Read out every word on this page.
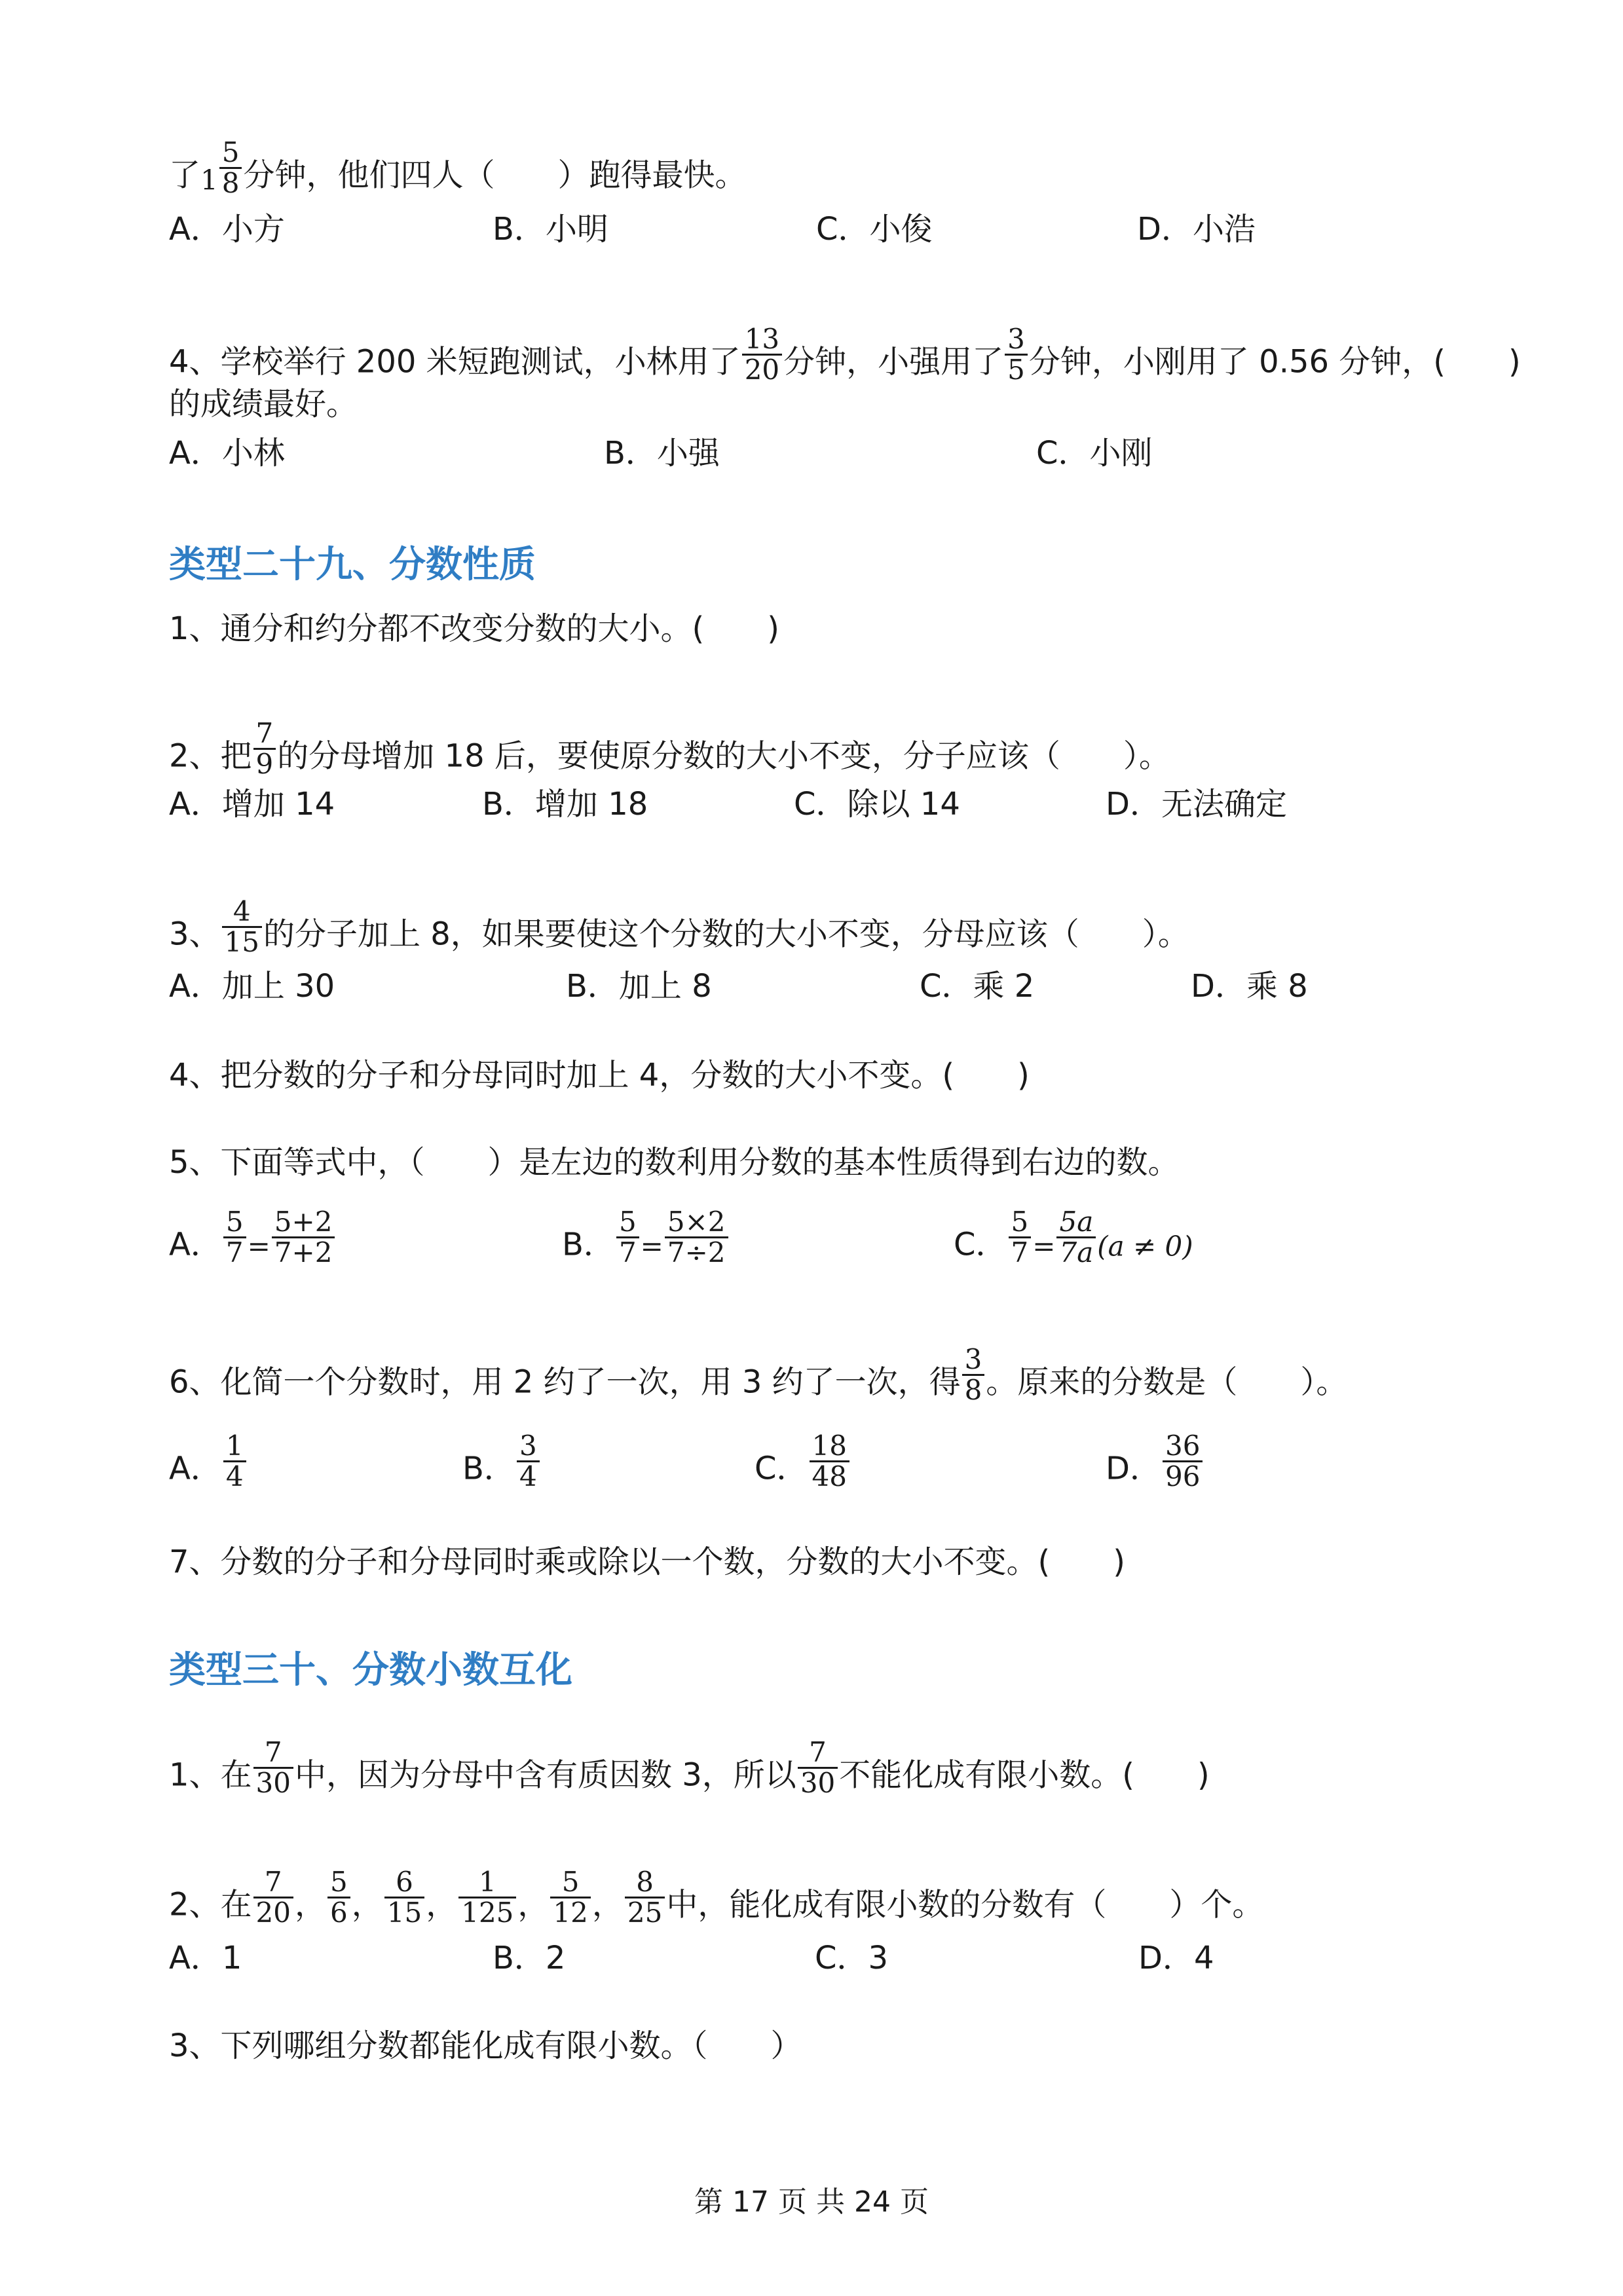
了$1 \frac{5}{8}$ 分钟，他们四人（　　）跑得最快。
A．小方	B．小明	C．小俊	D．小浩
4、学校举行 200 米短跑测试，小林用了 $\frac{13}{20}$ 分钟，小强用了 $\frac{3}{5}$ 分钟，小刚用了 0.56 分钟，(　　)
的成绩最好。
A．小林	B．小强	C．小刚
类型二十九、分数性质
1、通分和约分都不改变分数的大小。(　　)
2、把 $\frac{7}{9}$ 的分母增加 18 后，要使原分数的大小不变，分子应该（　　）。
A．增加 14	B．增加 18	C．除以 14	D．无法确定
3、 $\frac{4}{15}$ 的分子加上 8，如果要使这个分数的大小不变，分母应该（　　）。
A．加上 30	B．加上 8	C．乘 2	D．乘 8
4、把分数的分子和分母同时加上 4，分数的大小不变。(　　)
5、下面等式中，（　　）是左边的数利用分数的基本性质得到右边的数。
A． $\frac{5}{7} = \frac{5+2}{7+2}$	B． $\frac{5}{7} = \frac{5\times 2}{7\div 2}$	C． $\frac{5}{7} = \frac{5a}{7a} (a \ne 0)$
6、化简一个分数时，用 2 约了一次，用 3 约了一次，得 $\frac{3}{8}$ 。原来的分数是（　　）。
A． $\frac{1}{4}$	B． $\frac{3}{4}$	C． $\frac{18}{48}$	D． $\frac{36}{96}$
7、分数的分子和分母同时乘或除以一个数，分数的大小不变。(　　)
类型三十、分数小数互化
1、在 $\frac{7}{30}$ 中，因为分母中含有质因数 3，所以 $\frac{7}{30}$ 不能化成有限小数。(　　)
2、在 $\frac{7}{20}$ ， $\frac{5}{6}$ ， $\frac{6}{15}$ ， $\frac{1}{125}$ ， $\frac{5}{12}$ ， $\frac{8}{25}$ 中，能化成有限小数的分数有（　　）个。
A．1	B．2	C．3	D．4
3、下列哪组分数都能化成有限小数。（　　）
第 17 页 共 24 页
